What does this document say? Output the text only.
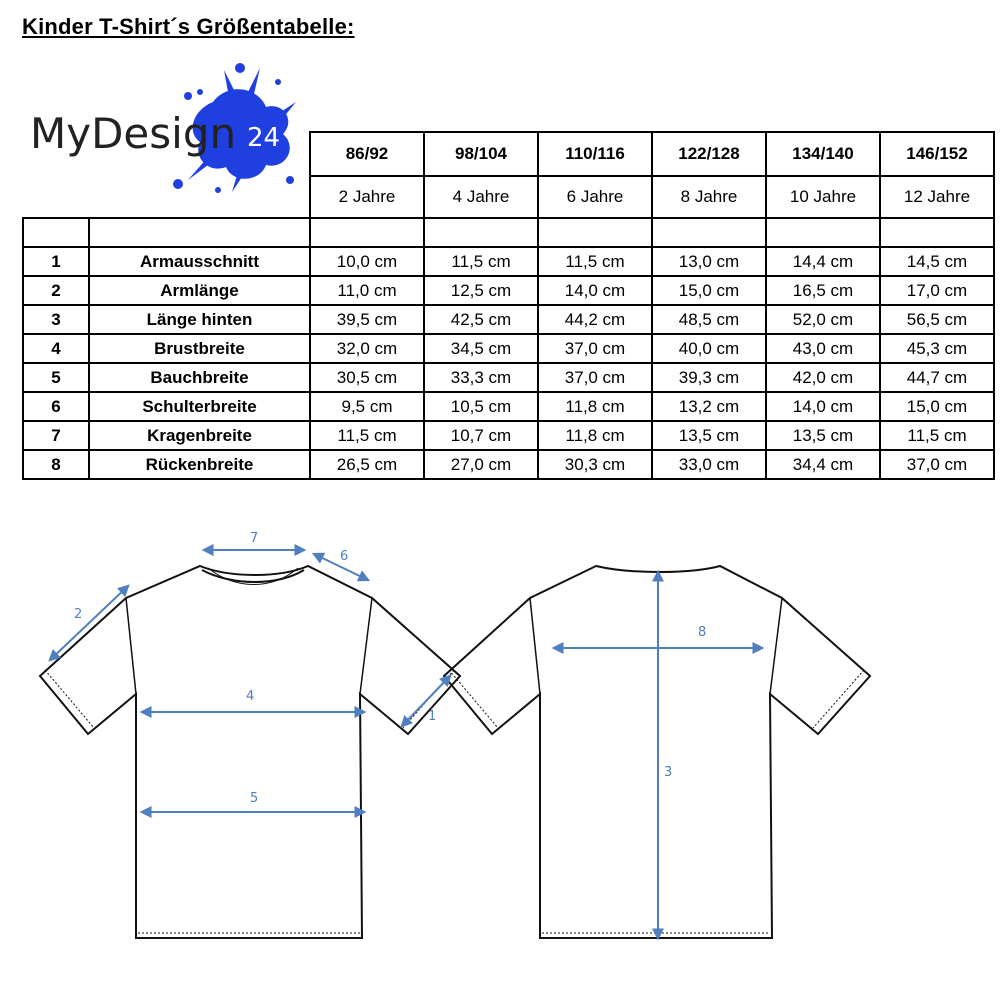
Kinder T-Shirt´s Größentabelle:
MyDesign 24
		86/92	98/104	110/116	122/128	134/140	146/152
		2 Jahre	4 Jahre	6 Jahre	8 Jahre	10 Jahre	12 Jahre

1	Armausschnitt	10,0 cm	11,5 cm	11,5 cm	13,0 cm	14,4 cm	14,5 cm
2	Armlänge	11,0 cm	12,5 cm	14,0 cm	15,0 cm	16,5 cm	17,0 cm
3	Länge hinten	39,5 cm	42,5 cm	44,2 cm	48,5 cm	52,0 cm	56,5 cm
4	Brustbreite	32,0 cm	34,5 cm	37,0 cm	40,0 cm	43,0 cm	45,3 cm
5	Bauchbreite	30,5 cm	33,3 cm	37,0 cm	39,3 cm	42,0 cm	44,7 cm
6	Schulterbreite	9,5 cm	10,5 cm	11,8 cm	13,2 cm	14,0 cm	15,0 cm
7	Kragenbreite	11,5 cm	10,7 cm	11,8 cm	13,5 cm	13,5 cm	11,5 cm
8	Rückenbreite	26,5 cm	27,0 cm	30,3 cm	33,0 cm	34,4 cm	37,0 cm
7
6
2
1
4
5
8
3
